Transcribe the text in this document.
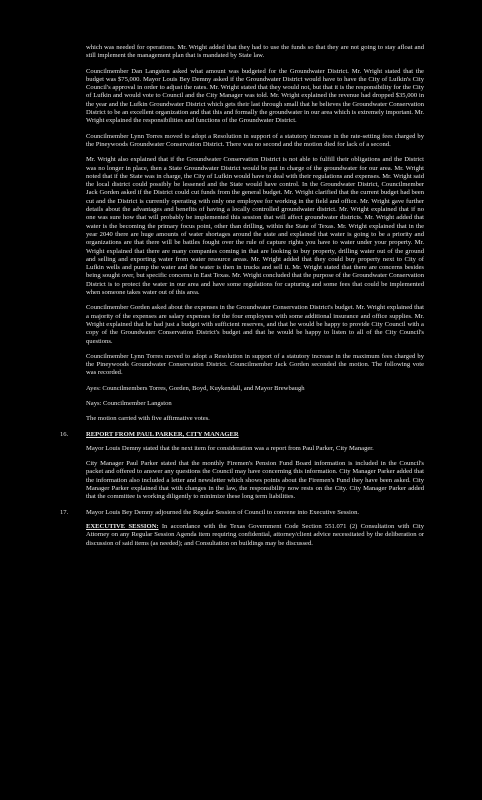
which was needed for operations. Mr. Wright added that they had to use the funds so that they are not going to stay afloat and still implement the management plan that is mandated by State law.

Councilmember Dan Langston asked what amount was budgeted for the Groundwater District. Mr. Wright stated that the budget was $75,000. Mayor Louis Bey Demny asked if the Groundwater District would have to have the City of Lufkin's City Council's approval in order to adjust the rates. Mr. Wright stated that they would not, but that it is the responsibility for the City of Lufkin and would vote to Council and the City Manager was told. Mr. Wright explained the revenue had dropped $35,000 in the year and the Lufkin Groundwater District which gets their last through small that he believes the Groundwater Conservation District to be an excellent organization and that this and formally the groundwater in our area which is extremely important. Mr. Wright explained the responsibilities and functions of the Groundwater District.

Councilmember Lynn Torres moved to adopt a Resolution in support of a statutory increase in the rate-setting fees charged by the Pineywoods Groundwater Conservation District. There was no second and the motion died for lack of a second.

Mr. Wright also explained that if the Groundwater Conservation District is not able to fulfill their obligations and the District was no longer in place, then a State Groundwater District would be put in charge of the groundwater for our area. Mr. Wright noted that if the State was in charge, the City of Lufkin would have to deal with their regulations and expenses. Mr. Wright said the local district could possibly be lessened and the State would have control. In the Groundwater District, Councilmember Jack Gorden asked if the District could cut funds from the general budget. Mr. Wright clarified that the current budget had been cut and the District is currently operating with only one employee for working in the field and office. Mr. Wright gave further details about the advantages and benefits of having a locally controlled groundwater district. Mr. Wright explained that if no one was sure how that will probably be implemented this session that will affect groundwater districts. Mr. Wright added that water is the becoming the primary focus point, other than drilling, within the State of Texas. Mr. Wright explained that in the year 2040 there are huge amounts of water shortages around the state and explained that water is going to be a priority and organizations are that there will be battles fought over the rule of capture rights you have to water under your property. Mr. Wright explained that there are many companies coming in that are looking to buy property, drilling water out of the ground and selling and exporting water from water resource areas. Mr. Wright added that they could buy property next to City of Lufkin wells and pump the water and the water is then in trucks and sell it. Mr. Wright stated that there are concerns besides being sought over, but specific concerns in East Texas. Mr. Wright concluded that the purpose of the Groundwater Conservation District is to protect the water in our area and have some regulations for capturing and some fees that could be implemented when someone takes water out of this area.

Councilmember Gorden asked about the expenses in the Groundwater Conservation District's budget. Mr. Wright explained that a majority of the expenses are salary expenses for the four employees with some additional insurance and office supplies. Mr. Wright explained that he had just a budget with sufficient reserves, and that he would be happy to provide City Council with a copy of the Groundwater Conservation District's budget and that he would be happy to listen to all of the City Council's questions.

Councilmember Lynn Torres moved to adopt a Resolution in support of a statutory increase in the maximum fees charged by the Pineywoods Groundwater Conservation District. Councilmember Jack Gorden seconded the motion. The following vote was recorded.

Ayes: Councilmembers Torres, Gorden, Boyd, Kuykendall, and Mayor Brewbaugh

Nays: Councilmember Langston

The motion carried with five affirmative votes.

16.	REPORT FROM PAUL PARKER, CITY MANAGER

Mayor Louis Demny stated that the next item for consideration was a report from Paul Parker, City Manager.

City Manager Paul Parker stated that the monthly Firemen's Pension Fund Board information is included in the Council's packet and offered to answer any questions the Council may have concerning this information. City Manager Parker added that the information also included a letter and newsletter which shows points about the Firemen's Fund they have been asked. City Manager Parker explained that with changes in the law, the responsibility now rests on the City. City Manager Parker added that the committee is working diligently to minimize these long term liabilities.

17.	Mayor Louis Bey Demny adjourned the Regular Session of Council to convene into Executive Session.

EXECUTIVE SESSION: In accordance with the Texas Government Code Section 551.071 (2) Consultation with City Attorney on any Regular Session Agenda item requiring confidential, attorney/client advice necessitated by the deliberation or discussion of said items (as needed); and Consultation on buildings may be discussed.
